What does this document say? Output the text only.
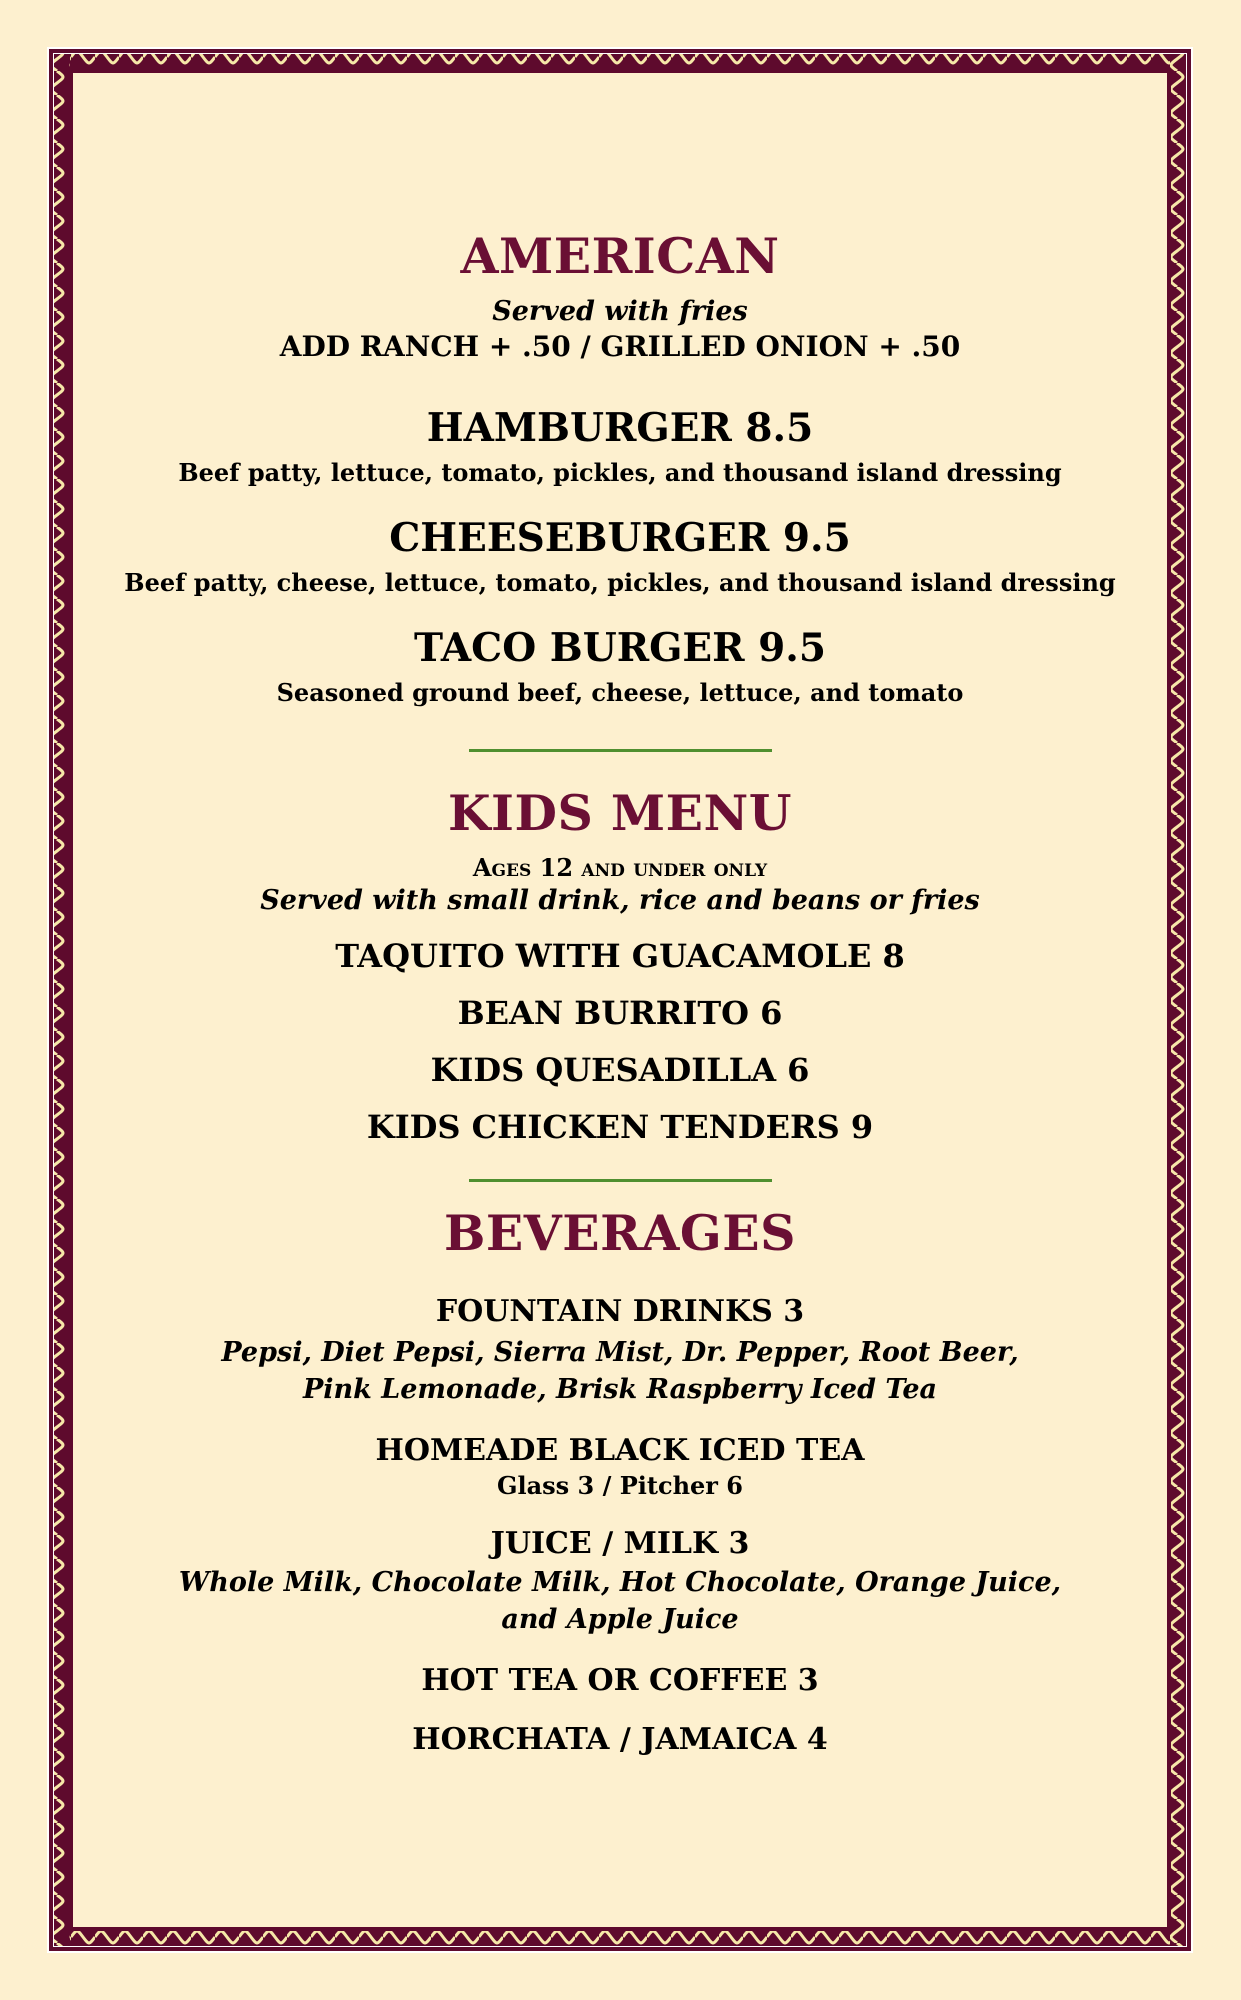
AMERICAN
Served with fries
ADD RANCH + .50 / GRILLED ONION + .50
HAMBURGER 8.5
Beef patty, lettuce, tomato, pickles, and thousand island dressing
CHEESEBURGER 9.5
Beef patty, cheese, lettuce, tomato, pickles, and thousand island dressing
TACO BURGER 9.5
Seasoned ground beef, cheese, lettuce, and tomato
KIDS MENU
Ages 12 and under only
Served with small drink, rice and beans or fries
TAQUITO WITH GUACAMOLE 8
BEAN BURRITO 6
KIDS QUESADILLA 6
KIDS CHICKEN TENDERS 9
BEVERAGES
FOUNTAIN DRINKS 3
Pepsi, Diet Pepsi, Sierra Mist, Dr. Pepper, Root Beer, Pink Lemonade, Brisk Raspberry Iced Tea
HOMEADE BLACK ICED TEA
Glass 3 / Pitcher 6
JUICE / MILK 3
Whole Milk, Chocolate Milk, Hot Chocolate, Orange Juice, and Apple Juice
HOT TEA OR COFFEE 3
HORCHATA / JAMAICA 4
